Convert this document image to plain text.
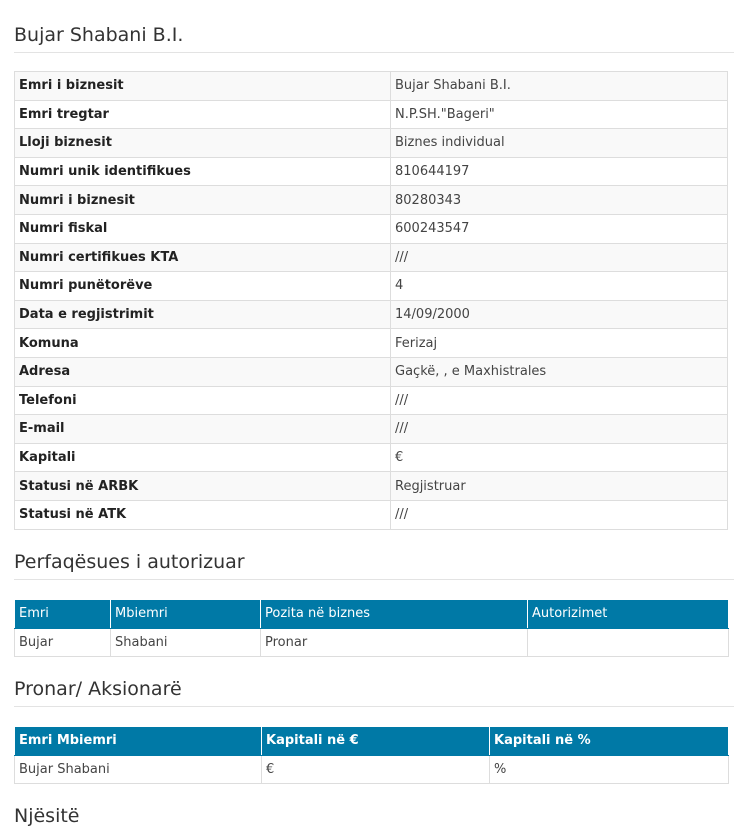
Bujar Shabani B.I.
Emri i biznesit	Bujar Shabani B.I.
Emri tregtar	N.P.SH."Bageri"
Lloji biznesit	Biznes individual
Numri unik identifikues	810644197
Numri i biznesit	80280343
Numri fiskal	600243547
Numri certifikues KTA	///
Numri punëtorëve	4
Data e regjistrimit	14/09/2000
Komuna	Ferizaj
Adresa	Gaçkë, , e Maxhistrales
Telefoni	///
E-mail	///
Kapitali	€
Statusi në ARBK	Regjistruar
Statusi në ATK	///
Perfaqësues i autorizuar
Emri	Mbiemri	Pozita në biznes	Autorizimet
Bujar	Shabani	Pronar	
Pronar/ Aksionarë
Emri Mbiemri	Kapitali në €	Kapitali në %
Bujar Shabani	€	%
Njësitë
